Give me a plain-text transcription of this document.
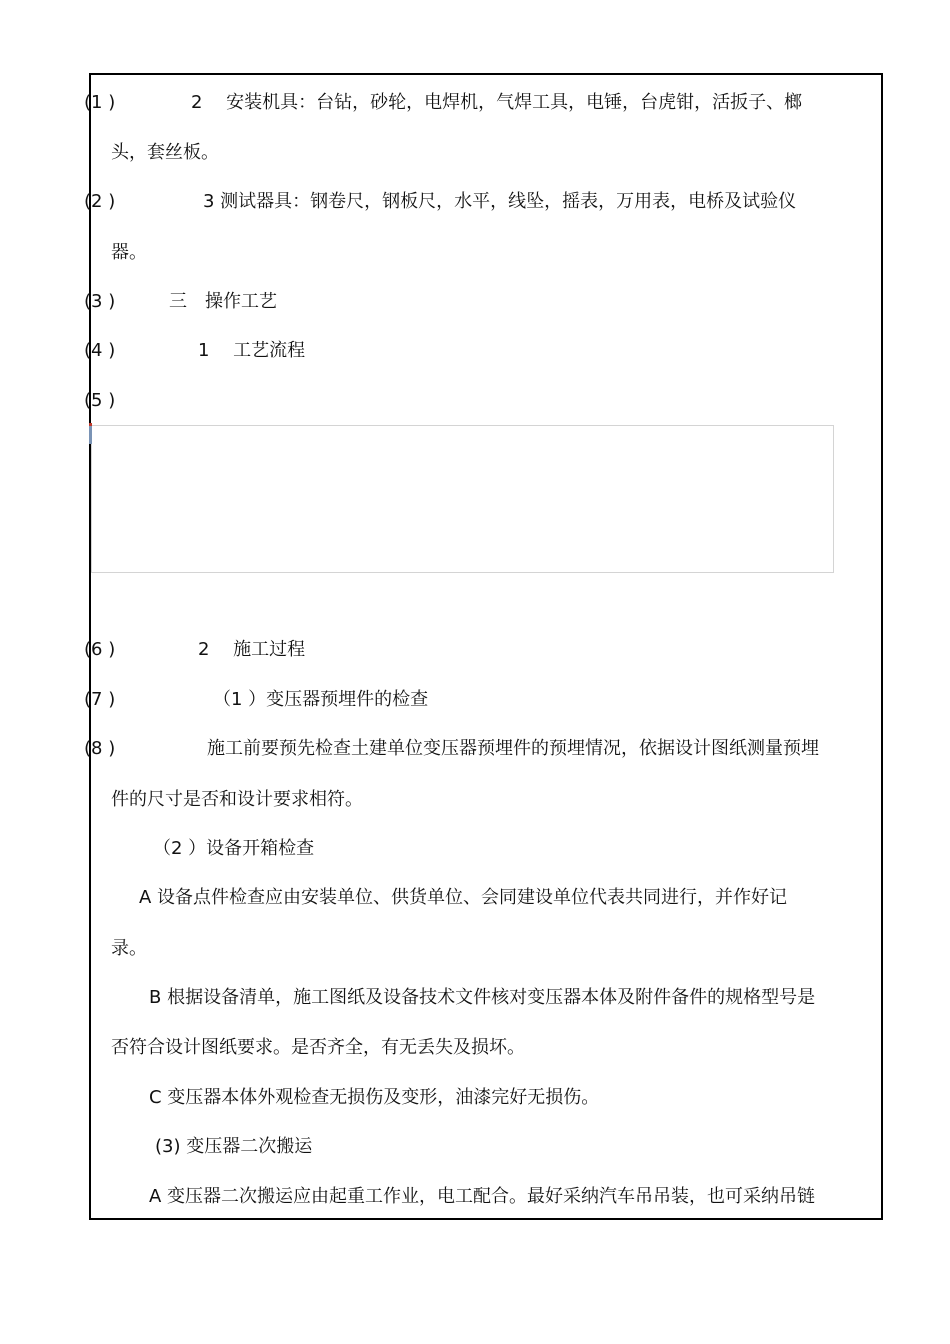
(1 )	2 　安装机具：台钻，砂轮，电焊机，气焊工具，电锤，台虎钳，活扳子、榔
头，套丝板。
(2 )	3 测试器具：钢卷尺，钢板尺，水平，线坠，摇表，万用表，电桥及试验仪
器。
(3 )	三　操作工艺
(4 )	1 　工艺流程
(5 )
(6 )	2 　施工过程
(7 )	（1 ）变压器预埋件的检查
(8 )	施工前要预先检查土建单位变压器预埋件的预埋情况，依据设计图纸测量预埋
件的尺寸是否和设计要求相符。
（2 ）设备开箱检查
A 设备点件检查应由安装单位、供货单位、会同建设单位代表共同进行，并作好记
录。
B 根据设备清单，施工图纸及设备技术文件核对变压器本体及附件备件的规格型号是
否符合设计图纸要求。是否齐全，有无丢失及损坏。
C 变压器本体外观检查无损伤及变形，油漆完好无损伤。
(3) 变压器二次搬运
A 变压器二次搬运应由起重工作业，电工配合。最好采纳汽车吊吊装，也可采纳吊链
